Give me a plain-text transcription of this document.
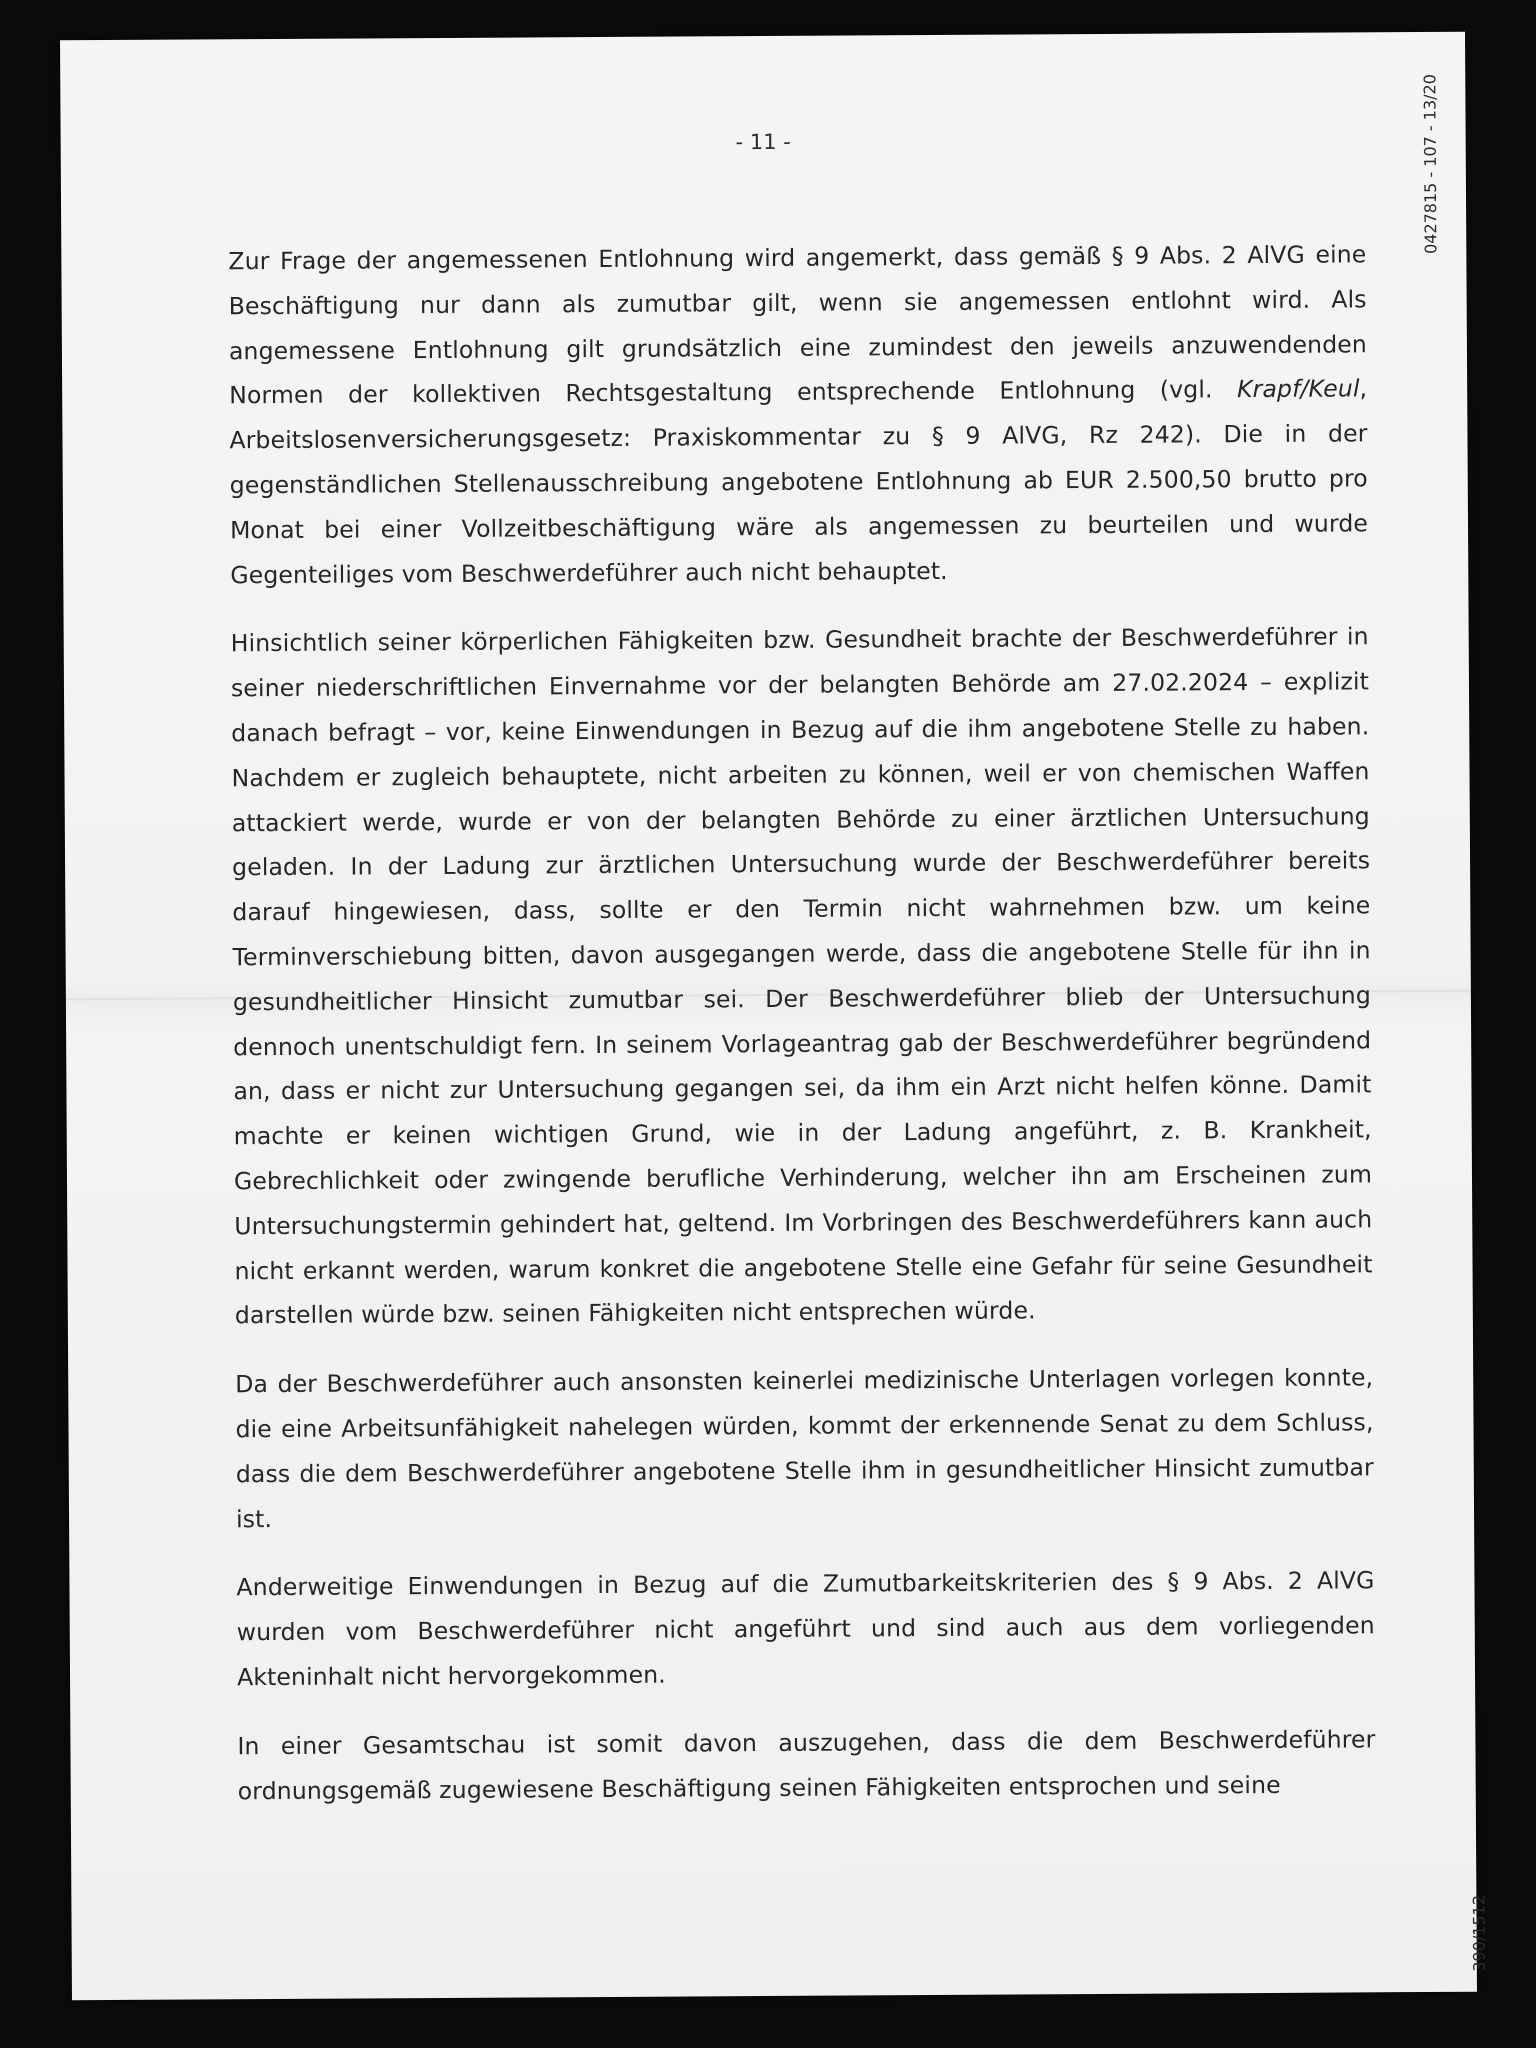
- 11 -	0427815 - 107 - 13/20
390/1512

Zur Frage der angemessenen Entlohnung wird angemerkt, dass gemäß § 9 Abs. 2 AlVG eine Beschäftigung nur dann als zumutbar gilt, wenn sie angemessen entlohnt wird. Als angemessene Entlohnung gilt grundsätzlich eine zumindest den jeweils anzuwendenden Normen der kollektiven Rechtsgestaltung entsprechende Entlohnung (vgl. Krapf/Keul, Arbeitslosenversicherungsgesetz: Praxiskommentar zu § 9 AlVG, Rz 242). Die in der gegenständlichen Stellenausschreibung angebotene Entlohnung ab EUR 2.500,50 brutto pro Monat bei einer Vollzeitbeschäftigung wäre als angemessen zu beurteilen und wurde Gegenteiliges vom Beschwerdeführer auch nicht behauptet.

Hinsichtlich seiner körperlichen Fähigkeiten bzw. Gesundheit brachte der Beschwerdeführer in seiner niederschriftlichen Einvernahme vor der belangten Behörde am 27.02.2024 – explizit danach befragt – vor, keine Einwendungen in Bezug auf die ihm angebotene Stelle zu haben. Nachdem er zugleich behauptete, nicht arbeiten zu können, weil er von chemischen Waffen attackiert werde, wurde er von der belangten Behörde zu einer ärztlichen Untersuchung geladen. In der Ladung zur ärztlichen Untersuchung wurde der Beschwerdeführer bereits darauf hingewiesen, dass, sollte er den Termin nicht wahrnehmen bzw. um keine Terminverschiebung bitten, davon ausgegangen werde, dass die angebotene Stelle für ihn in gesundheitlicher Hinsicht zumutbar sei. Der Beschwerdeführer blieb der Untersuchung dennoch unentschuldigt fern. In seinem Vorlageantrag gab der Beschwerdeführer begründend an, dass er nicht zur Untersuchung gegangen sei, da ihm ein Arzt nicht helfen könne. Damit machte er keinen wichtigen Grund, wie in der Ladung angeführt, z. B. Krankheit, Gebrechlichkeit oder zwingende berufliche Verhinderung, welcher ihn am Erscheinen zum Untersuchungstermin gehindert hat, geltend. Im Vorbringen des Beschwerdeführers kann auch nicht erkannt werden, warum konkret die angebotene Stelle eine Gefahr für seine Gesundheit darstellen würde bzw. seinen Fähigkeiten nicht entsprechen würde.

Da der Beschwerdeführer auch ansonsten keinerlei medizinische Unterlagen vorlegen konnte, die eine Arbeitsunfähigkeit nahelegen würden, kommt der erkennende Senat zu dem Schluss, dass die dem Beschwerdeführer angebotene Stelle ihm in gesundheitlicher Hinsicht zumutbar ist.

Anderweitige Einwendungen in Bezug auf die Zumutbarkeitskriterien des § 9 Abs. 2 AlVG wurden vom Beschwerdeführer nicht angeführt und sind auch aus dem vorliegenden Akteninhalt nicht hervorgekommen.

In einer Gesamtschau ist somit davon auszugehen, dass die dem Beschwerdeführer ordnungsgemäß zugewiesene Beschäftigung seinen Fähigkeiten entsprochen und seine
